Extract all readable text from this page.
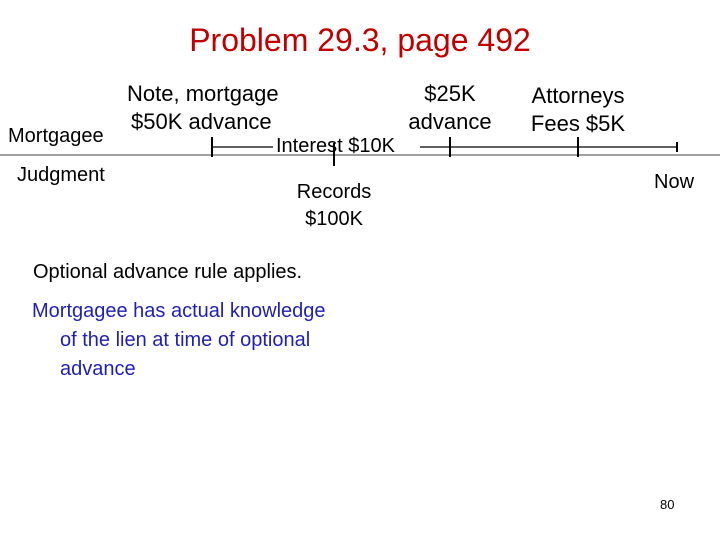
Problem 29.3, page 492
Note, mortgage
$50K advance
Interest $10K
$25K
advance
Attorneys
Fees $5K
Mortgagee
Judgment
Records
$100K
Now
Optional advance rule applies.
Mortgagee has actual knowledge
of the lien at time of optional
advance
80
